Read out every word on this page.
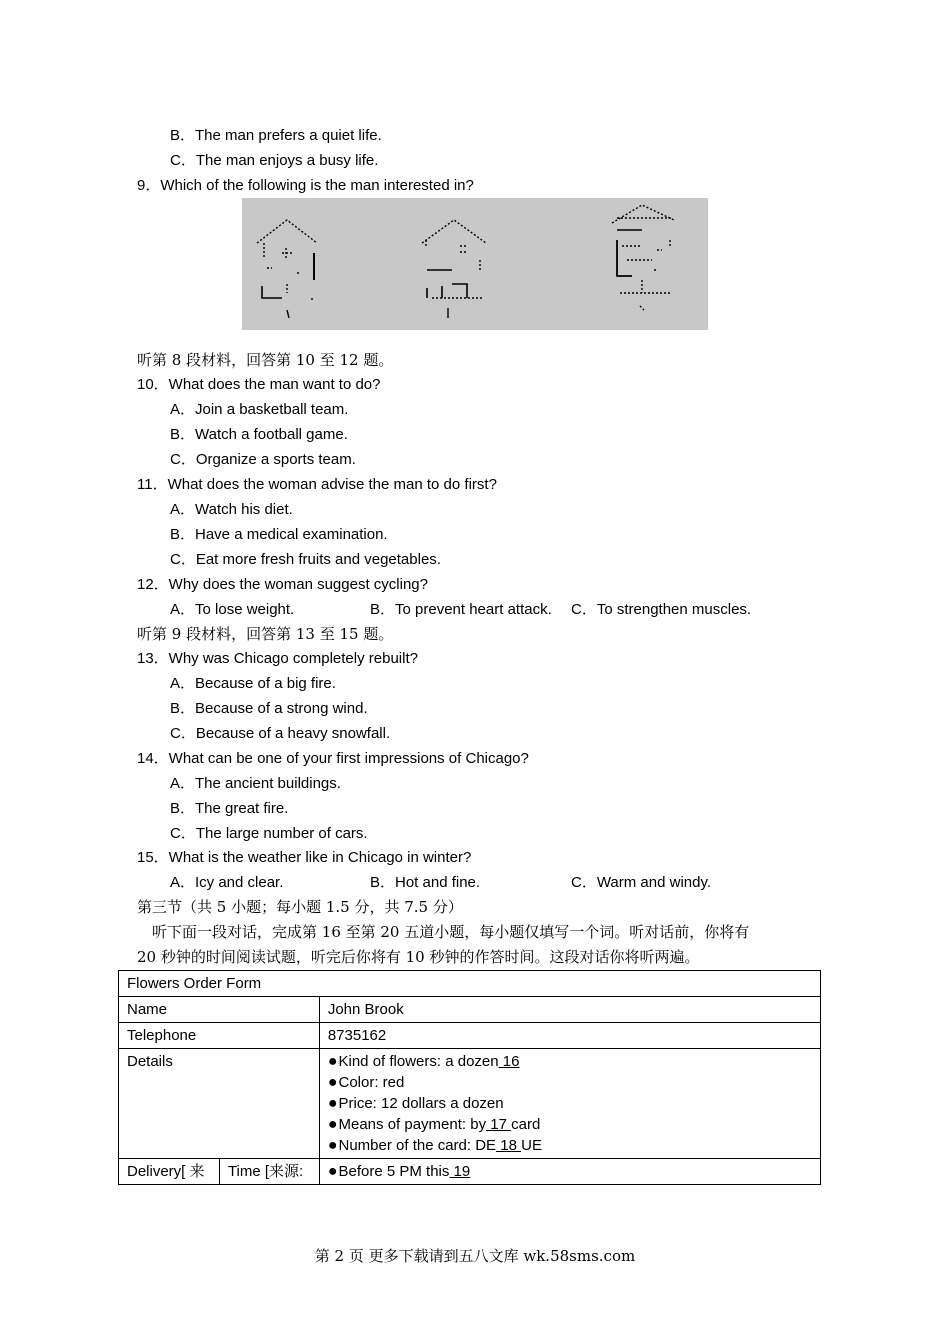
B．The man prefers a quiet life.
C．The man enjoys a busy life.
9．Which of the following is the man interested in?
听第 8 段材料，回答第 10 至 12 题。
10．What does the man want to do?
A．Join a basketball team.
B．Watch a football game.
C．Organize a sports team.
11．What does the woman advise the man to do first?
A．Watch his diet.
B．Have a medical examination.
C．Eat more fresh fruits and vegetables.
12．Why does the woman suggest cycling?
A．To lose weight.	B．To prevent heart attack. C．To strengthen muscles.
听第 9 段材料，回答第 13 至 15 题。
13．Why was Chicago completely rebuilt?
A．Because of a big fire.
B．Because of a strong wind.
C．Because of a heavy snowfall.
14．What can be one of your first impressions of Chicago?
A．The ancient buildings.
B．The great fire.
C．The large number of cars.
15．What is the weather like in Chicago in winter?
A．Icy and clear.	B．Hot and fine.	C．Warm and windy.
第三节（共 5 小题；每小题 1.5 分，共 7.5 分）
听下面一段对话，完成第 16 至第 20 五道小题，每小题仅填写一个词。听对话前，你将有
20 秒钟的时间阅读试题，听完后你将有 10 秒钟的作答时间。这段对话你将听两遍。
Flowers Order Form		
Name		John Brook
Telephone		8735162
Details		●Kind of flowers: a dozen 16
●Color: red
●Price: 12 dollars a dozen
●Means of payment: by 17 card
●Number of the card: DE 18 UE

Delivery[ 来	Time [来源:	●Before 5 PM this 19
第 2 页 更多下载请到五八文库 wk.58sms.com
